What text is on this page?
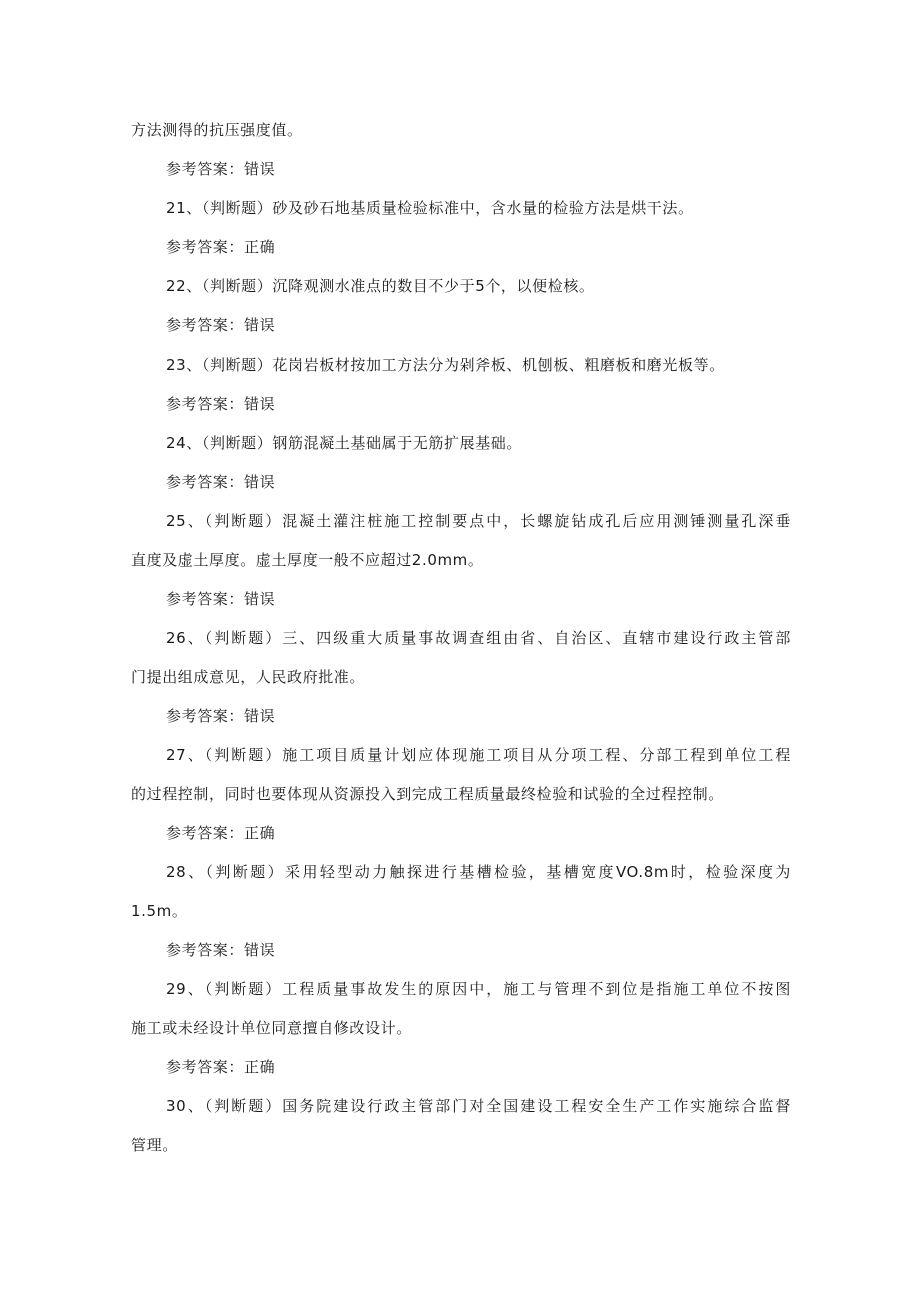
方法测得的抗压强度值。
参考答案：错误
21、（判断题）砂及砂石地基质量检验标准中，含水量的检验方法是烘干法。
参考答案：正确
22、（判断题）沉降观测水准点的数目不少于5个，以便检核。
参考答案：错误
23、（判断题）花岗岩板材按加工方法分为剁斧板、机刨板、粗磨板和磨光板等。
参考答案：错误
24、（判断题）钢筋混凝土基础属于无筋扩展基础。
参考答案：错误
25、（判断题）混凝土灌注桩施工控制要点中，长螺旋钻成孔后应用测锤测量孔深垂
直度及虚土厚度。虚土厚度一般不应超过2.0mm。
参考答案：错误
26、（判断题）三、四级重大质量事故调查组由省、自治区、直辖市建设行政主管部
门提出组成意见，人民政府批准。
参考答案：错误
27、（判断题）施工项目质量计划应体现施工项目从分项工程、分部工程到单位工程
的过程控制，同时也要体现从资源投入到完成工程质量最终检验和试验的全过程控制。
参考答案：正确
28、（判断题）采用轻型动力触探进行基槽检验，基槽宽度VO.8m时，检验深度为
1.5m。
参考答案：错误
29、（判断题）工程质量事故发生的原因中，施工与管理不到位是指施工单位不按图
施工或未经设计单位同意擅自修改设计。
参考答案：正确
30、（判断题）国务院建设行政主管部门对全国建设工程安全生产工作实施综合监督
管理。
